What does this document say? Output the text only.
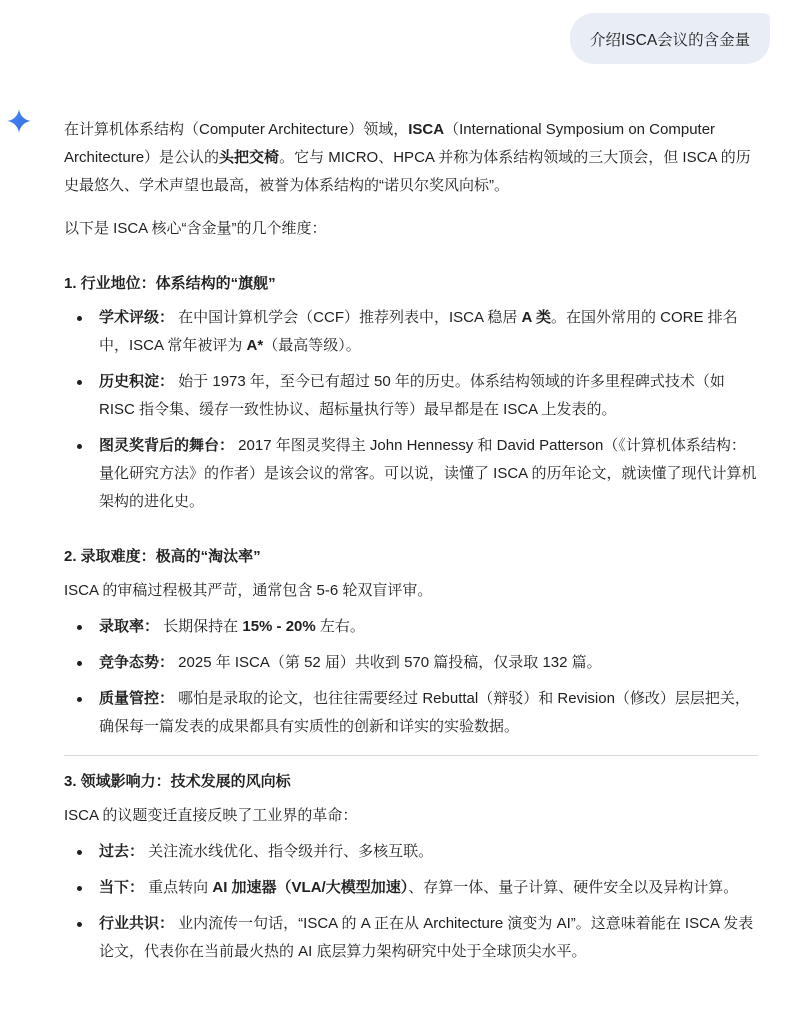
介绍ISCA会议的含金量

在计算机体系结构（Computer Architecture）领域，ISCA（International Symposium on Computer Architecture）是公认的头把交椅。它与 MICRO、HPCA 并称为体系结构领域的三大顶会，但 ISCA 的历史最悠久、学术声望也最高，被誉为体系结构的“诺贝尔奖风向标”。

以下是 ISCA 核心“含金量”的几个维度：

1. 行业地位：体系结构的“旗舰”
学术评级： 在中国计算机学会（CCF）推荐列表中，ISCA 稳居 A 类。在国外常用的 CORE 排名中，ISCA 常年被评为 A*（最高等级）。
历史积淀： 始于 1973 年，至今已有超过 50 年的历史。体系结构领域的许多里程碑式技术（如 RISC 指令集、缓存一致性协议、超标量执行等）最早都是在 ISCA 上发表的。
图灵奖背后的舞台： 2017 年图灵奖得主 John Hennessy 和 David Patterson（《计算机体系结构：量化研究方法》的作者）是该会议的常客。可以说，读懂了 ISCA 的历年论文，就读懂了现代计算机架构的进化史。
2. 录取难度：极高的“淘汰率”

ISCA 的审稿过程极其严苛，通常包含 5-6 轮双盲评审。

录取率： 长期保持在 15% - 20% 左右。
竞争态势： 2025 年 ISCA（第 52 届）共收到 570 篇投稿，仅录取 132 篇。
质量管控： 哪怕是录取的论文，也往往需要经过 Rebuttal（辩驳）和 Revision（修改）层层把关，确保每一篇发表的成果都具有实质性的创新和详实的实验数据。
3. 领域影响力：技术发展的风向标

ISCA 的议题变迁直接反映了工业界的革命：

过去： 关注流水线优化、指令级并行、多核互联。
当下： 重点转向 AI 加速器（VLA/大模型加速）、存算一体、量子计算、硬件安全以及异构计算。
行业共识： 业内流传一句话，“ISCA 的 A 正在从 Architecture 演变为 AI”。这意味着能在 ISCA 发表论文，代表你在当前最火热的 AI 底层算力架构研究中处于全球顶尖水平。
